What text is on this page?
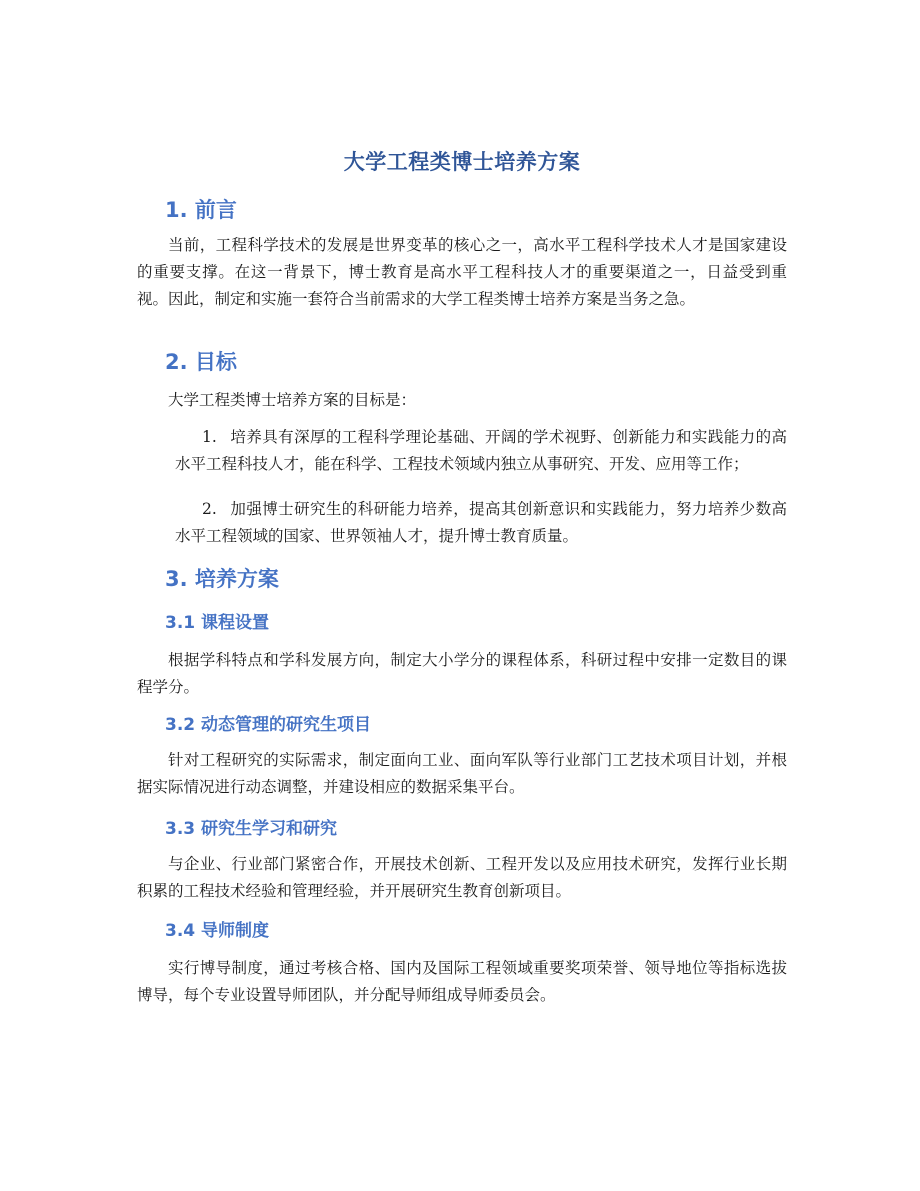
大学工程类博士培养方案
1. 前言
当前，工程科学技术的发展是世界变革的核心之一，高水平工程科学技术人才是国家建设的重要支撑。在这一背景下，博士教育是高水平工程科技人才的重要渠道之一，日益受到重视。因此，制定和实施一套符合当前需求的大学工程类博士培养方案是当务之急。
2. 目标
大学工程类博士培养方案的目标是：
1. 培养具有深厚的工程科学理论基础、开阔的学术视野、创新能力和实践能力的高水平工程科技人才，能在科学、工程技术领域内独立从事研究、开发、应用等工作；
2. 加强博士研究生的科研能力培养，提高其创新意识和实践能力，努力培养少数高水平工程领域的国家、世界领袖人才，提升博士教育质量。
3. 培养方案
3.1 课程设置
根据学科特点和学科发展方向，制定大小学分的课程体系，科研过程中安排一定数目的课程学分。
3.2 动态管理的研究生项目
针对工程研究的实际需求，制定面向工业、面向军队等行业部门工艺技术项目计划，并根据实际情况进行动态调整，并建设相应的数据采集平台。
3.3 研究生学习和研究
与企业、行业部门紧密合作，开展技术创新、工程开发以及应用技术研究，发挥行业长期积累的工程技术经验和管理经验，并开展研究生教育创新项目。
3.4 导师制度
实行博导制度，通过考核合格、国内及国际工程领域重要奖项荣誉、领导地位等指标选拔博导，每个专业设置导师团队，并分配导师组成导师委员会。
